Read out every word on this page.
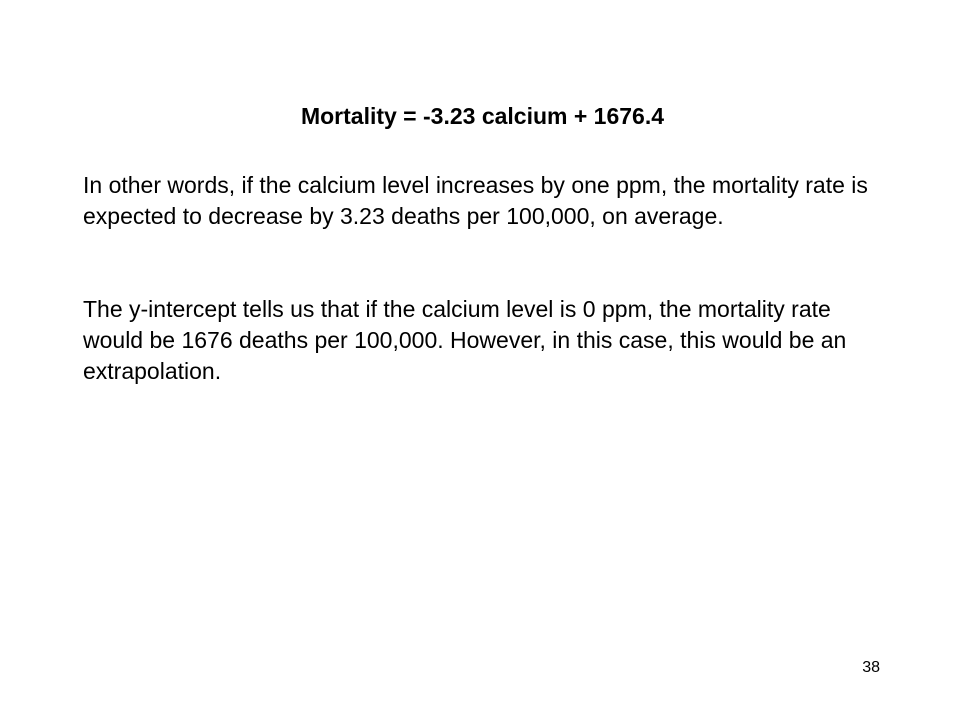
Mortality = -3.23 calcium + 1676.4

In other words, if the calcium level increases by one ppm, the mortality rate is expected to decrease by 3.23 deaths per 100,000, on average.

The y-intercept tells us that if the calcium level is 0 ppm, the mortality rate would be 1676 deaths per 100,000. However, in this case, this would be an extrapolation.

38
